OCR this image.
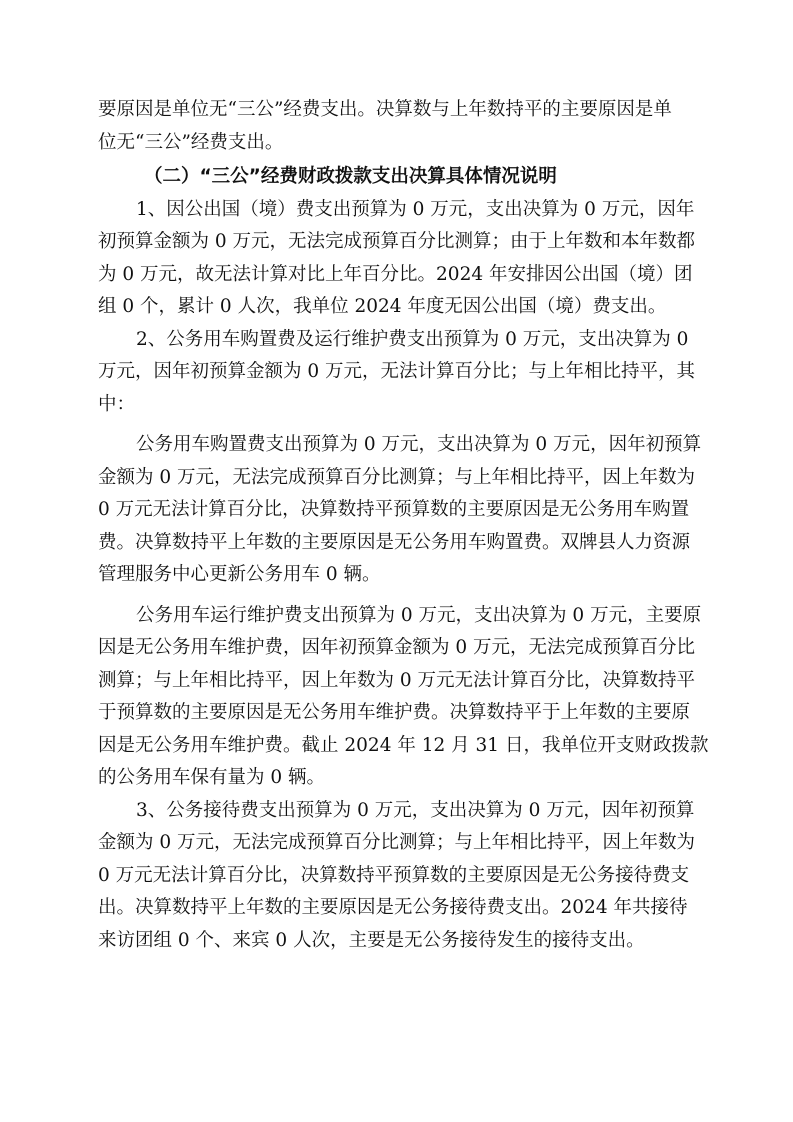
要原因是单位无“三公”经费支出。决算数与上年数持平的主要原因是单
位无“三公”经费支出。
（二）“三公”经费财政拨款支出决算具体情况说明
1、因公出国（境）费支出预算为 0 万元，支出决算为 0 万元，因年
初预算金额为 0 万元，无法完成预算百分比测算；由于上年数和本年数都
为 0 万元，故无法计算对比上年百分比。2024 年安排因公出国（境）团
组 0 个，累计 0 人次，我单位 2024 年度无因公出国（境）费支出。
2、公务用车购置费及运行维护费支出预算为 0 万元，支出决算为 0
万元，因年初预算金额为 0 万元，无法计算百分比；与上年相比持平，其
中：
公务用车购置费支出预算为 0 万元，支出决算为 0 万元，因年初预算
金额为 0 万元，无法完成预算百分比测算；与上年相比持平，因上年数为
0 万元无法计算百分比，决算数持平预算数的主要原因是无公务用车购置
费。决算数持平上年数的主要原因是无公务用车购置费。双牌县人力资源
管理服务中心更新公务用车 0 辆。
公务用车运行维护费支出预算为 0 万元，支出决算为 0 万元，主要原
因是无公务用车维护费，因年初预算金额为 0 万元，无法完成预算百分比
测算；与上年相比持平，因上年数为 0 万元无法计算百分比，决算数持平
于预算数的主要原因是无公务用车维护费。决算数持平于上年数的主要原
因是无公务用车维护费。截止 2024 年 12 月 31 日，我单位开支财政拨款
的公务用车保有量为 0 辆。
3、公务接待费支出预算为 0 万元，支出决算为 0 万元，因年初预算
金额为 0 万元，无法完成预算百分比测算；与上年相比持平，因上年数为
0 万元无法计算百分比，决算数持平预算数的主要原因是无公务接待费支
出。决算数持平上年数的主要原因是无公务接待费支出。2024 年共接待
来访团组 0 个、来宾 0 人次，主要是无公务接待发生的接待支出。
